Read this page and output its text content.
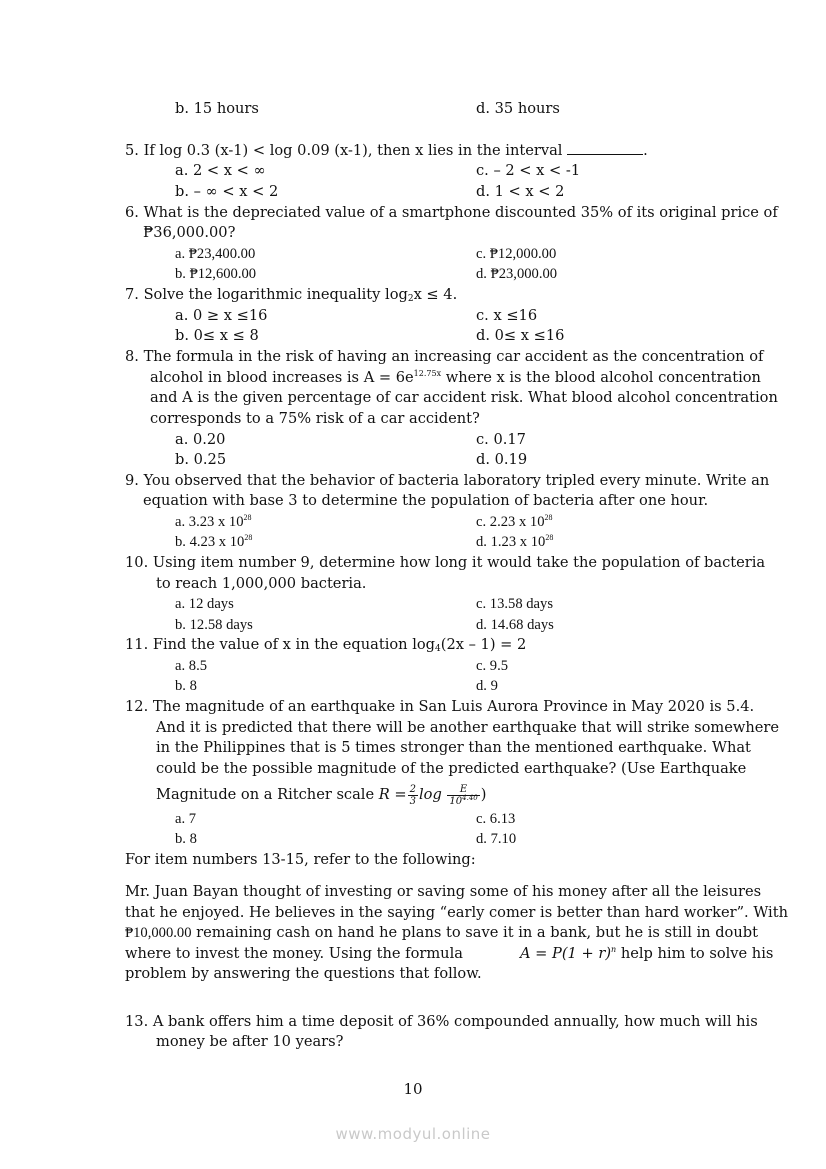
b. 15 hours	d. 35 hours
5. If log 0.3 (x-1) < log 0.09 (x-1), then x lies in the interval	.
a. 2 < x < ∞	c. – 2 < x < -1
b. – ∞ < x < 2	d. 1 < x < 2
6. What is the depreciated value of a smartphone discounted 35% of its original price of
₱36,000.00?
a. ₱23,400.00	c. ₱12,000.00
b. ₱12,600.00	d. ₱23,000.00
7. Solve the logarithmic inequality $\log_2x \le 4$.
a. 0 ≥ x ≤16	c. x ≤16
b. 0≤ x ≤ 8	d. 0≤ x ≤16
8. The formula in the risk of having an increasing car accident as the concentration of
alcohol in blood increases is $A = 6e^{12.75x}$ where x is the blood alcohol concentration
and A is the given percentage of car accident risk. What blood alcohol concentration
corresponds to a 75% risk of a car accident?
a. 0.20	c. 0.17
b. 0.25	d. 0.19
9. You observed that the behavior of bacteria laboratory tripled every minute. Write an
equation with base 3 to determine the population of bacteria after one hour.
a. 3.23 x $10^{28}$	c. 2.23 x $10^{28}$
b. 4.23 x $10^{28}$	d. 1.23 x $10^{28}$
10. Using item number 9, determine how long it would take the population of bacteria
to reach 1,000,000 bacteria.
a. 12 days	c. 13.58 days
b. 12.58 days	d. 14.68 days
11. Find the value of x in the equation $\log_4(2x - 1) = 2$
a. 8.5	c. 9.5
b. 8	d. 9
12. The magnitude of an earthquake in San Luis Aurora Province in May 2020 is 5.4.
And it is predicted that there will be another earthquake that will strike somewhere
in the Philippines that is 5 times stronger than the mentioned earthquake. What
could be the possible magnitude of the predicted earthquake? (Use Earthquake
Magnitude on a Ritcher scale $R = \frac{2}{3}$ $\log \frac{E}{10^{4.40}}$ )
a. 7	c. 6.13
b. 8	d. 7.10
For item numbers 13-15, refer to the following:
Mr. Juan Bayan thought of investing or saving some of his money after all the leisures
that he enjoyed. He believes in the saying “early comer is better than hard worker”. With
₱10,000.00 remaining cash on hand he plans to save it in a bank, but he is still in doubt
where to invest the money. Using the formula	$A = P(1 + r)^n$ help him to solve his
problem by answering the questions that follow.
13. A bank offers him a time deposit of 36% compounded annually, how much will his
money be after 10 years?
10
www.modyul.online
